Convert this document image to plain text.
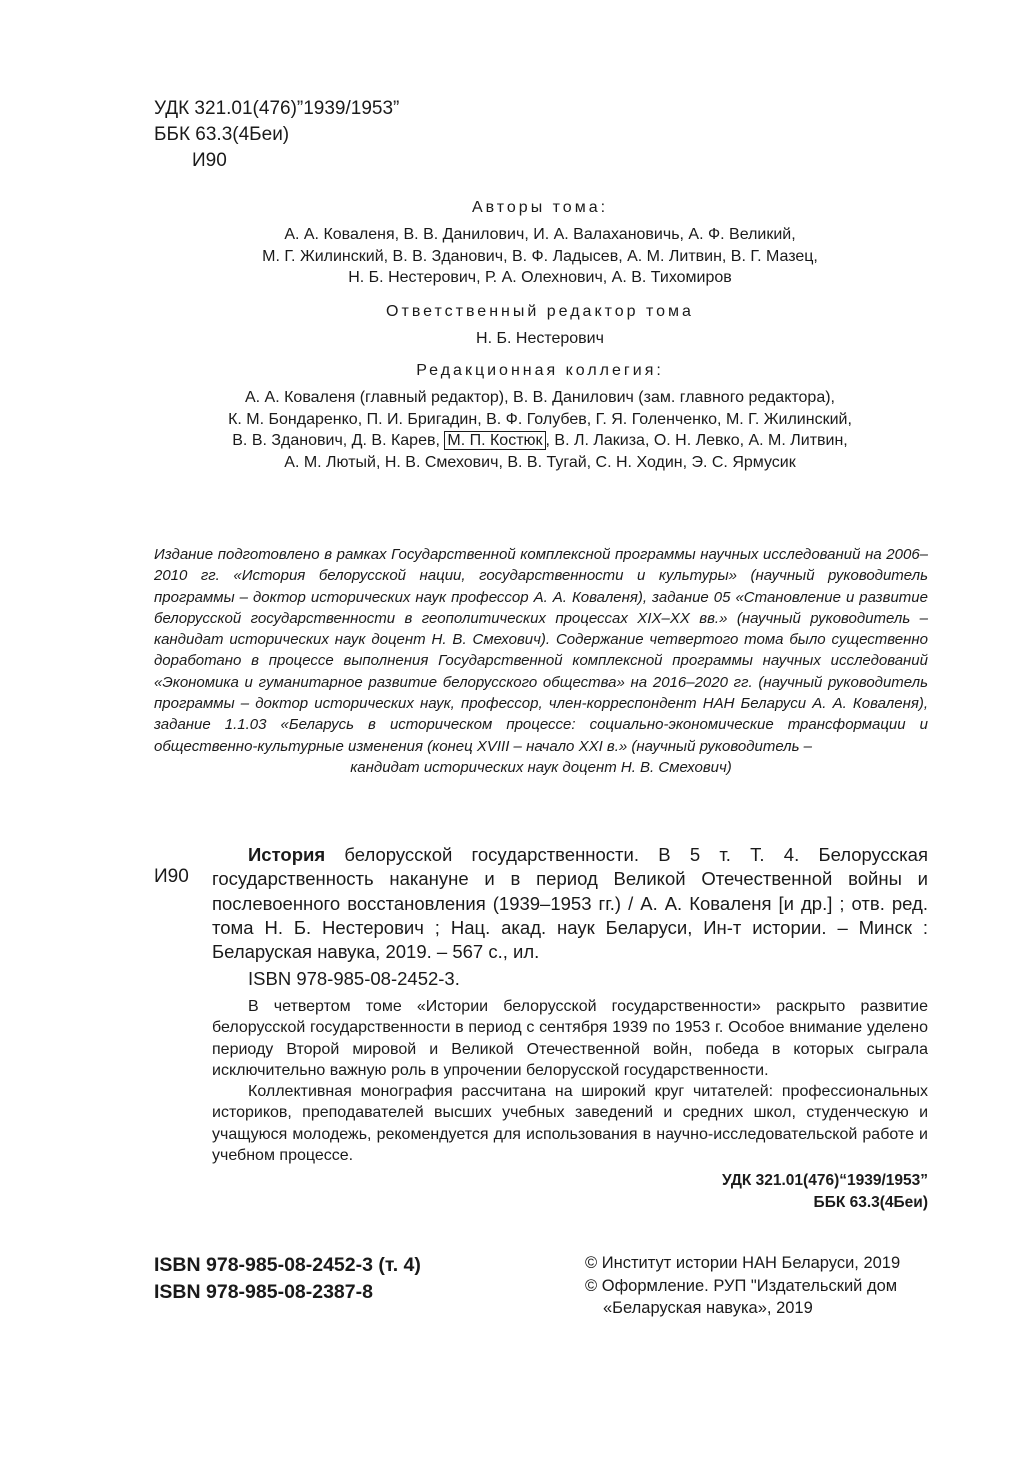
УДК 321.01(476)”1939/1953”
ББК 63.3(4Беи)
И90
Авторы тома:
А. А. Коваленя, В. В. Данилович, И. А. Валахановичь, А. Ф. Великий,
М. Г. Жилинский, В. В. Зданович, В. Ф. Ладысев, А. М. Литвин, В. Г. Мазец,
Н. Б. Нестерович, Р. А. Олехнович, А. В. Тихомиров
Ответственный редактор тома
Н. Б. Нестерович
Редакционная коллегия:
А. А. Коваленя (главный редактор), В. В. Данилович (зам. главного редактора),
К. М. Бондаренко, П. И. Бригадин, В. Ф. Голубев, Г. Я. Голенченко, М. Г. Жилинский,
В. В. Зданович, Д. В. Карев, М. П. Костюк , В. Л. Лакиза, О. Н. Левко, А. М. Литвин,
А. М. Лютый, Н. В. Смехович, В. В. Тугай, С. Н. Ходин, Э. С. Ярмусик
Издание подготовлено в рамках Государственной комплексной программы научных исследований на 2006–2010 гг. «История белорусской нации, государственности и культуры» (научный руководитель программы – доктор исторических наук профессор А. А. Коваленя), задание 05 «Становление и развитие белорусской государственности в геополитических процессах XIX–XX вв.» (научный руководитель – кандидат исторических наук доцент Н. В. Смехович). Содержание четвертого тома было существенно доработано в процессе выполнения Государственной комплексной программы научных исследований «Экономика и гуманитарное развитие белорусского общества» на 2016–2020 гг. (научный руководитель программы – доктор исторических наук, профессор, член-корреспондент НАН Беларуси А. А. Коваленя), задание 1.1.03 «Беларусь в историческом процессе: социально-экономические трансформации и общественно-культурные изменения (конец XVIII – начало XXI в.» (научный руководитель –
кандидат исторических наук доцент Н. В. Смехович)
И90
История белорусской государственности. В 5 т. Т. 4. Белорусская государственность накануне и в период Великой Отечественной войны и послевоенного восстановления (1939–1953 гг.) / А. А. Коваленя [и др.] ; отв. ред. тома Н. Б. Нестерович ; Нац. акад. наук Беларуси, Ин-т истории. – Минск : Беларуская навука, 2019. – 567 с., ил.
ISBN 978-985-08-2452-3.

В четвертом томе «Истории белорусской государственности» раскрыто развитие белорусской государственности в период с сентября 1939 по 1953 г. Особое внимание уделено периоду Второй мировой и Великой Отечественной войн, победа в которых сыграла исключительно важную роль в упрочении белорусской государственности.

Коллективная монография рассчитана на широкий круг читателей: профессиональных историков, преподавателей высших учебных заведений и средних школ, студенческую и учащуюся молодежь, рекомендуется для использования в научно-исследовательской работе и учебном процессе.

УДК 321.01(476)“1939/1953”
ББК 63.3(4Беи)
ISBN 978-985-08-2452-3 (т. 4)
ISBN 978-985-08-2387-8
© Институт истории НАН Беларуси, 2019
© Оформление. РУП "Издательский дом
«Беларуская навука», 2019
